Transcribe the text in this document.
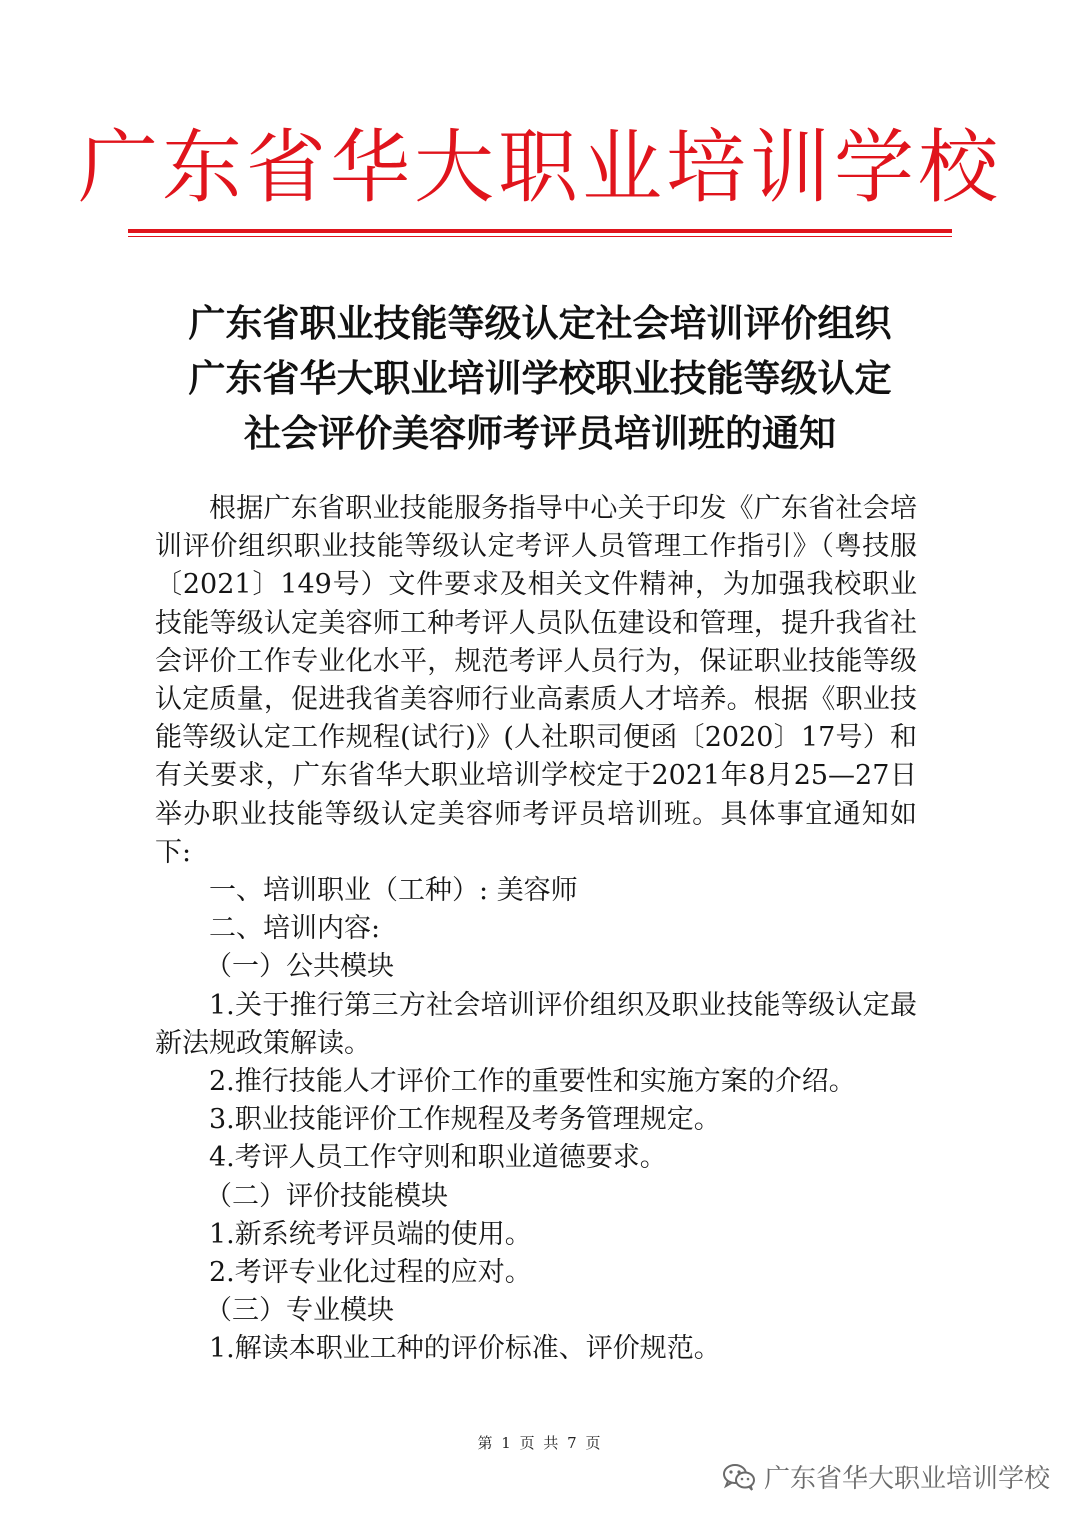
广东省华大职业培训学校
广东省职业技能等级认定社会培训评价组织
广东省华大职业培训学校职业技能等级认定
社会评价美容师考评员培训班的通知

根据广东省职业技能服务指导中心关于印发《广东省社会培训评价组织职业技能等级认定考评人员管理工作指引》（粤技服〔2021〕149号）文件要求及相关文件精神，为加强我校职业技能等级认定美容师工种考评人员队伍建设和管理，提升我省社会评价工作专业化水平，规范考评人员行为，保证职业技能等级认定质量，促进我省美容师行业高素质人才培养。根据《职业技能等级认定工作规程(试行)》(人社职司便函〔2020〕17号）和有关要求，广东省华大职业培训学校定于2021年8月25—27日举办职业技能等级认定美容师考评员培训班。具体事宜通知如下:

一、培训职业（工种）: 美容师

二、培训内容:

（一）公共模块

1.关于推行第三方社会培训评价组织及职业技能等级认定最新法规政策解读。

2.推行技能人才评价工作的重要性和实施方案的介绍。

3.职业技能评价工作规程及考务管理规定。

4.考评人员工作守则和职业道德要求。

（二）评价技能模块

1.新系统考评员端的使用。

2.考评专业化过程的应对。

（三）专业模块

1.解读本职业工种的评价标准、评价规范。

第 1 页 共 7 页
广东省华大职业培训学校
